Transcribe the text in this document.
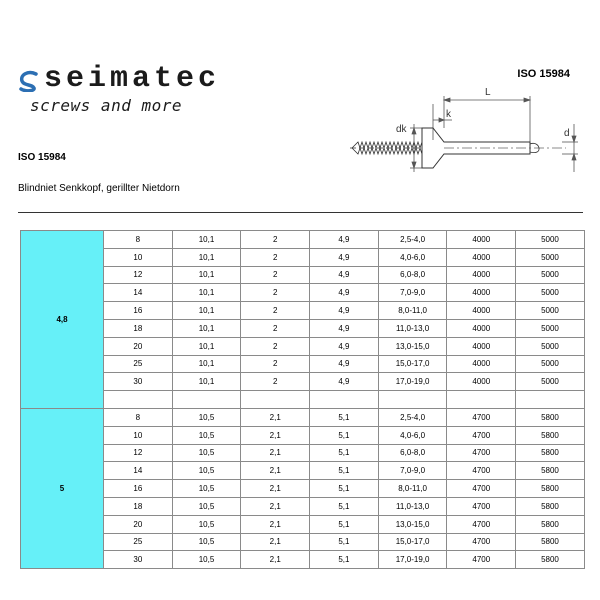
seimatec
screws and more
ISO 15984
ISO 15984
Blindniet Senkkopf, gerillter Nietdorn
L
k
dk	d
4,8	8	10,1	2	4,9	2,5-4,0	4000	5000
	10	10,1	2	4,9	4,0-6,0	4000	5000
	12	10,1	2	4,9	6,0-8,0	4000	5000
	14	10,1	2	4,9	7,0-9,0	4000	5000
	16	10,1	2	4,9	8,0-11,0	4000	5000
	18	10,1	2	4,9	11,0-13,0	4000	5000
	20	10,1	2	4,9	13,0-15,0	4000	5000
	25	10,1	2	4,9	15,0-17,0	4000	5000
	30	10,1	2	4,9	17,0-19,0	4000	5000

5	8	10,5	2,1	5,1	2,5-4,0	4700	5800
	10	10,5	2,1	5,1	4,0-6,0	4700	5800
	12	10,5	2,1	5,1	6,0-8,0	4700	5800
	14	10,5	2,1	5,1	7,0-9,0	4700	5800
	16	10,5	2,1	5,1	8,0-11,0	4700	5800
	18	10,5	2,1	5,1	11,0-13,0	4700	5800
	20	10,5	2,1	5,1	13,0-15,0	4700	5800
	25	10,5	2,1	5,1	15,0-17,0	4700	5800
	30	10,5	2,1	5,1	17,0-19,0	4700	5800
